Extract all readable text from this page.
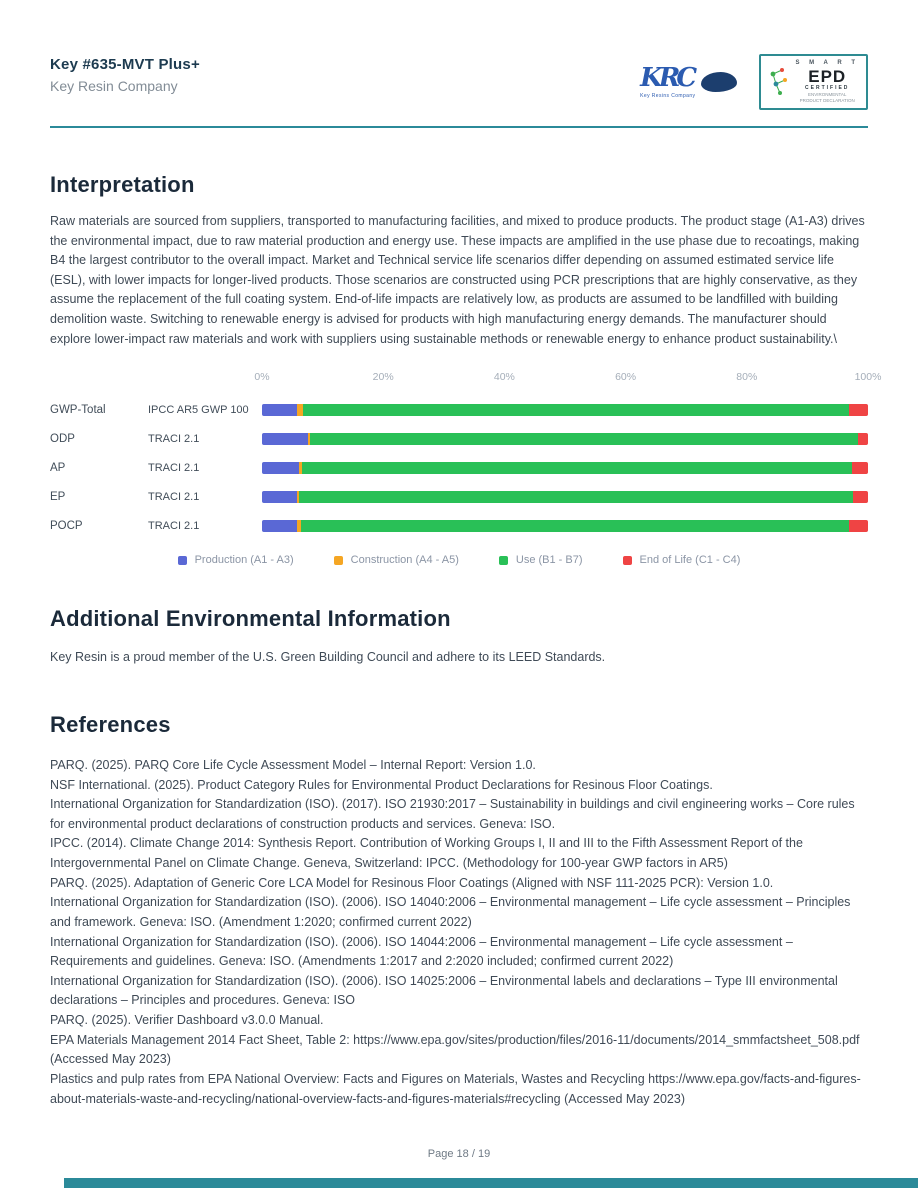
Key #635-MVT Plus+
Key Resin Company	KRC
Key Resins Company
S M A R T
EPD
CERTIFIED
ENVIRONMENTAL PRODUCT DECLARATION
Interpretation

Raw materials are sourced from suppliers, transported to manufacturing facilities, and mixed to produce products. The product stage (A1-A3) drives the environmental impact, due to raw material production and energy use. These impacts are amplified in the use phase due to recoatings, making B4 the largest contributor to the overall impact. Market and Technical service life scenarios differ depending on assumed estimated service life (ESL), with lower impacts for longer-lived products. Those scenarios are constructed using PCR prescriptions that are highly conservative, as they assume the replacement of the full coating system. End-of-life impacts are relatively low, as products are assumed to be landfilled with building demolition waste. Switching to renewable energy is advised for products with high manufacturing energy demands. The manufacturer should explore lower-impact raw materials and work with suppliers using sustainable methods or renewable energy to enhance product sustainability.\

0%	20%	40%	60%	80%	100%
GWP-Total	IPCC AR5 GWP 100
ODP	TRACI 2.1
AP	TRACI 2.1
EP	TRACI 2.1
POCP	TRACI 2.1
Production (A1 - A3)	Construction (A4 - A5)	Use (B1 - B7)	End of Life (C1 - C4)
Additional Environmental Information

Key Resin is a proud member of the U.S. Green Building Council and adhere to its LEED Standards.

References

PARQ. (2025). PARQ Core Life Cycle Assessment Model – Internal Report: Version 1.0.

NSF International. (2025). Product Category Rules for Environmental Product Declarations for Resinous Floor Coatings.

International Organization for Standardization (ISO). (2017). ISO 21930:2017 – Sustainability in buildings and civil engineering works – Core rules for environmental product declarations of construction products and services. Geneva: ISO.

IPCC. (2014). Climate Change 2014: Synthesis Report. Contribution of Working Groups I, II and III to the Fifth Assessment Report of the Intergovernmental Panel on Climate Change. Geneva, Switzerland: IPCC. (Methodology for 100-year GWP factors in AR5)

PARQ. (2025). Adaptation of Generic Core LCA Model for Resinous Floor Coatings (Aligned with NSF 111-2025 PCR): Version 1.0.

International Organization for Standardization (ISO). (2006). ISO 14040:2006 – Environmental management – Life cycle assessment – Principles and framework. Geneva: ISO. (Amendment 1:2020; confirmed current 2022)

International Organization for Standardization (ISO). (2006). ISO 14044:2006 – Environmental management – Life cycle assessment – Requirements and guidelines. Geneva: ISO. (Amendments 1:2017 and 2:2020 included; confirmed current 2022)

International Organization for Standardization (ISO). (2006). ISO 14025:2006 – Environmental labels and declarations – Type III environmental declarations – Principles and procedures. Geneva: ISO

PARQ. (2025). Verifier Dashboard v3.0.0 Manual.

EPA Materials Management 2014 Fact Sheet, Table 2: https://www.epa.gov/sites/production/files/2016-11/documents/2014_smmfactsheet_508.pdf (Accessed May 2023)

Plastics and pulp rates from EPA National Overview: Facts and Figures on Materials, Wastes and Recycling https://www.epa.gov/facts-and-figures-about-materials-waste-and-recycling/national-overview-facts-and-figures-materials#recycling (Accessed May 2023)

Page 18 / 19
